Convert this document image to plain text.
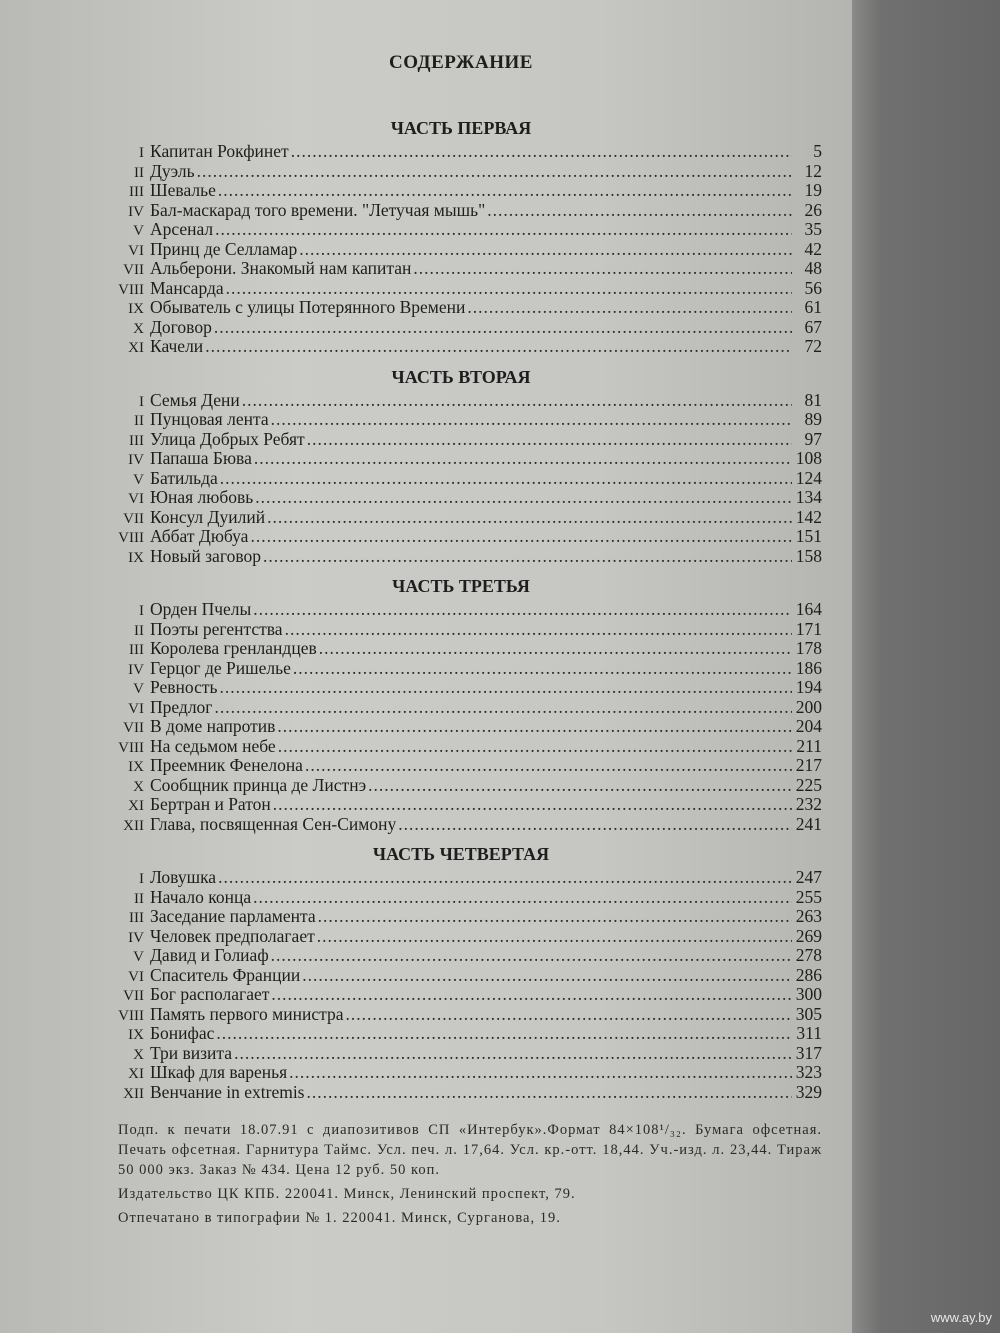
СОДЕРЖАНИЕ
ЧАСТЬ ПЕРВАЯ
I Капитан Рокфинет .....	5
II Дуэль .....	12
III Шевалье .....	19
IV Бал-маскарад того времени. "Летучая мышь" .....	26
V Арсенал .....	35
VI Принц де Селламар .....	42
VII Альберони. Знакомый нам капитан .....	48
VIII Мансарда .....	56
IX Обыватель с улицы Потерянного Времени .....	61
X Договор .....	67
XI Качели .....	72
ЧАСТЬ ВТОРАЯ
I Семья Дени .....	81
II Пунцовая лента .....	89
III Улица Добрых Ребят .....	97
IV Папаша Бюва .....	108
V Батильда .....	124
VI Юная любовь .....	134
VII Консул Дуилий .....	142
VIII Аббат Дюбуа .....	151
IX Новый заговор .....	158
ЧАСТЬ ТРЕТЬЯ
I Орден Пчелы .....	164
II Поэты регентства .....	171
III Королева гренландцев .....	178
IV Герцог де Ришелье .....	186
V Ревность .....	194
VI Предлог .....	200
VII В доме напротив .....	204
VIII На седьмом небе .....	211
IX Преемник Фенелона .....	217
X Сообщник принца де Листнэ .....	225
XI Бертран и Ратон .....	232
XII Глава, посвященная Сен-Симону .....	241
ЧАСТЬ ЧЕТВЕРТАЯ
I Ловушка .....	247
II Начало конца .....	255
III Заседание парламента .....	263
IV Человек предполагает .....	269
V Давид и Голиаф .....	278
VI Спаситель Франции .....	286
VII Бог располагает .....	300
VIII Память первого министра .....	305
IX Бонифас .....	311
X Три визита .....	317
XI Шкаф для варенья .....	323
XII Венчание in extremis .....	329

Подп. к печати 18.07.91 с диапозитивов СП «Интербук».Формат 84×108¹/₃₂. Бумага офсетная. Печать офсетная. Гарнитура Таймс. Усл. печ. л. 17,64. Усл. кр.-отт. 18,44. Уч.-изд. л. 23,44. Тираж 50 000 экз. Заказ № 434. Цена 12 руб. 50 коп.

Издательство ЦК КПБ. 220041. Минск, Ленинский проспект, 79.

Отпечатано в типографии № 1. 220041. Минск, Сурганова, 19.

www.ay.by
